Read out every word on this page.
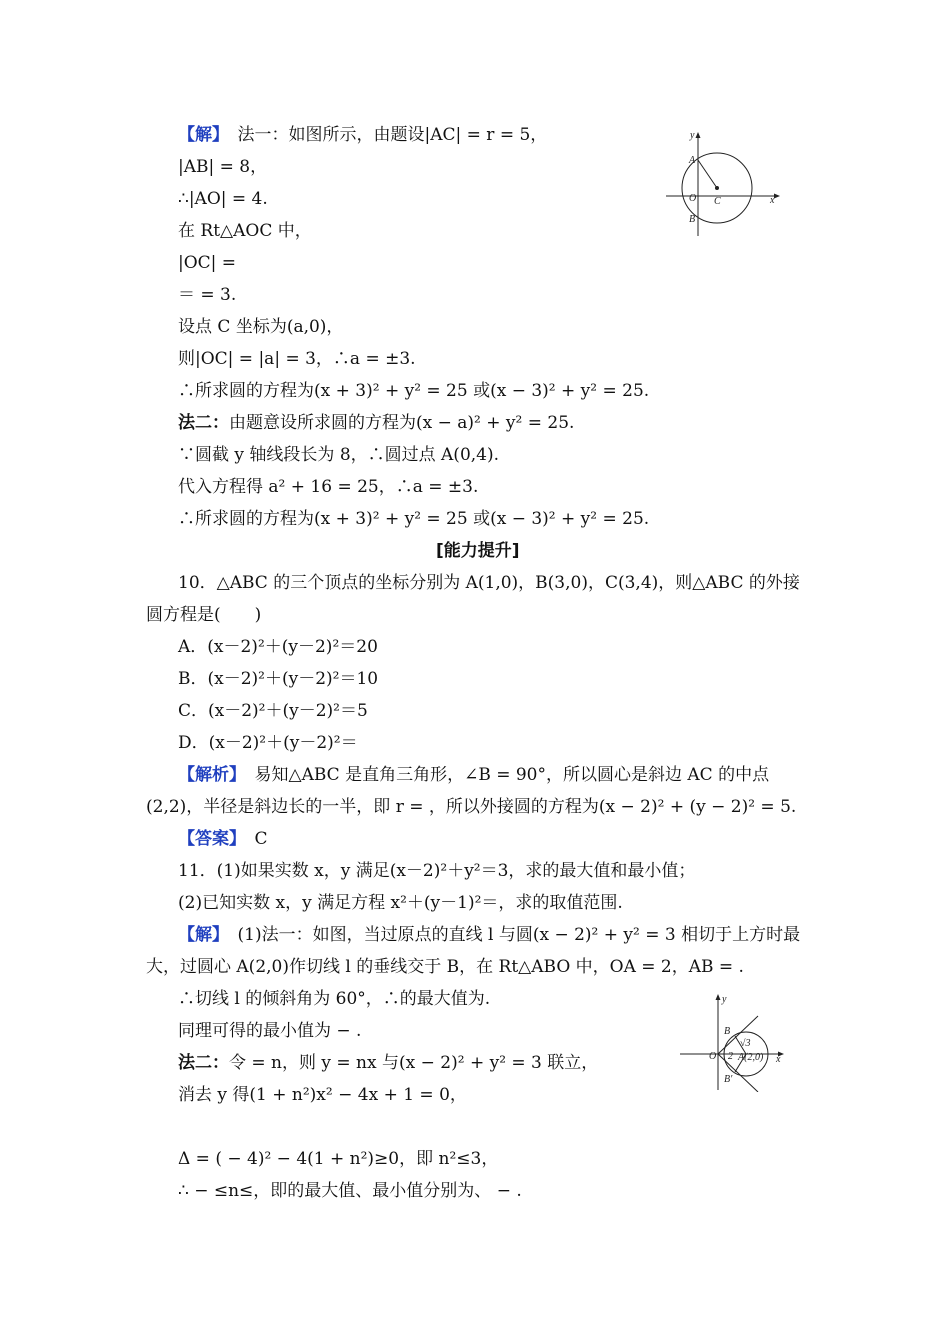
【解】　法一：如图所示，由题设|AC| = r = 5，
|AB| = 8，
∴|AO| = 4.
在 Rt△AOC 中，
|OC| =
＝ = 3.
设点 C 坐标为(a,0)，
则|OC| = |a| = 3，∴a = ±3.
∴所求圆的方程为(x + 3)² + y² = 25 或(x − 3)² + y² = 25.
法二：由题意设所求圆的方程为(x − a)² + y² = 25.
∵圆截 y 轴线段长为 8，∴圆过点 A(0,4).
代入方程得 a² + 16 = 25，∴a = ±3.
∴所求圆的方程为(x + 3)² + y² = 25 或(x − 3)² + y² = 25.
[能力提升]
10．△ABC 的三个顶点的坐标分别为 A(1,0)，B(3,0)，C(3,4)，则△ABC 的外接
圆方程是(　　)
A．(x－2)²＋(y－2)²＝20
B．(x－2)²＋(y－2)²＝10
C．(x－2)²＋(y－2)²＝5
D．(x－2)²＋(y－2)²＝
【解析】　易知△ABC 是直角三角形，∠B = 90°，所以圆心是斜边 AC 的中点
(2,2)，半径是斜边长的一半，即 r = ，所以外接圆的方程为(x − 2)² + (y − 2)² = 5.
【答案】　C
11．(1)如果实数 x，y 满足(x－2)²＋y²＝3，求的最大值和最小值；
(2)已知实数 x，y 满足方程 x²＋(y－1)²＝，求的取值范围.
【解】　(1)法一：如图，当过原点的直线 l 与圆(x − 2)² + y² = 3 相切于上方时最
大，过圆心 A(2,0)作切线 l 的垂线交于 B，在 Rt△ABO 中，OA = 2，AB = .
∴切线 l 的倾斜角为 60°，∴的最大值为.
同理可得的最小值为 − .
法二：令 = n，则 y = nx 与(x − 2)² + y² = 3 联立，
消去 y 得(1 + n²)x² − 4x + 1 = 0，
Δ = ( − 4)² − 4(1 + n²)≥0，即 n²≤3，
∴ − ≤n≤，即的最大值、最小值分别为、 − .
y
x
A
O C
B
y
x
B
O 2
√3
A(2,0)
B′
